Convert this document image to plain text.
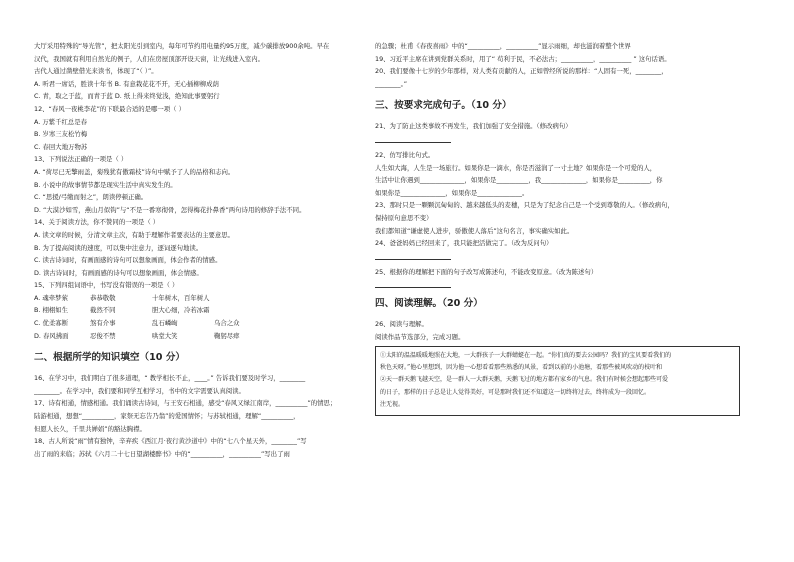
大厅采用特殊的“导光管”，把太阳光引到室内，每年可节约用电量约95万度，减少碳排放900余吨。早在
汉代，我国就有利用自然光的例子，人们在房屋顶部开设天窗，让光线进入室内。
古代人通过凿壁借光来读书，体现了“（ ）”。
A. 听君一席话，胜读十年书 B. 有意栽花花不开，无心插柳柳成荫
C. 青，取之于蓝，而青于蓝 D. 纸上得来终觉浅，绝知此事要躬行
12、“春风一夜桃李花”的下联最合适的是哪一项（ ）
A. 万紫千红总是春
B. 岁寒三友松竹梅
C. 春回大地万物苏
13、下列说法正确的一项是（ ）
A. “荷尽已无擎雨盖，菊残犹有傲霜枝”诗句中赋予了人的品格和志向。
B. 小说中的故事情节都是现实生活中真实发生的。
C. “思援/弓缴而射之”，朗读停顿正确。
D. “大漠沙如雪，燕山月似钩”与“不是一番寒彻骨，怎得梅花扑鼻香”两句诗用的修辞手法不同。
14、关于阅读方法，你不赞同的一项是（ ）
A. 读文章的时候，分清文章主次，有助于理解作者要表达的主要意思。
B. 为了提高阅读的速度，可以集中注意力，逐词逐句地读。
C. 读古诗词时，有画面感的诗句可以想象画面，体会作者的情感。
D. 读古诗词时，有画面感的诗句可以想象画面，体会情感。
15、下列四组词语中，书写没有错误的一项是（ ）
A. 魂牵梦萦	恭恭敬敬	十年树木，百年树人
B. 栩栩如生	截然不同	胆大心细，冷若冰霜
C. 优柔寡断	煞有介事	乱石嶙峋	乌合之众
D. 春风拂面	忍俊不禁	哄堂大笑	鞠躬尽瘁
二、根据所学的知识填空（10 分）
16、在学习中，我们明白了很多道理，“ 教学相长不止，____。” 告诉我们要及时学习，________
________。在学习中，我们要和同学互相学习，书中的文字需要认真阅读。
17、诗有相通，情感相通。我们诵读古诗词，与王安石相通，感受“春风又绿江南岸，__________”的情思；
陆游相通，想想“__________，家祭无忘告乃翁”的爱国情怀；与苏轼相通，理解“__________，
但愿人长久，千里共婵娟”的豁达胸襟。
18、古人所说“雨”情有独钟，辛弃疾《西江月·夜行黄沙道中》中的“七八个星天外，________”写
出了雨的来临；苏轼《六月二十七日望湖楼醉书》中的“__________，__________”写出了雨
的急骤；杜甫《春夜喜雨》中的“__________，__________”显示雨细，却也滋润着整个世界
19、习近平主席在讲到党群关系时，用了“ 苟利于民，不必法古；__________，__________ ” 这句话语。
20、我们要像十七岁的少年那样，对人类有贡献的人，正如曾经所说的那样：“人固有一死，________，
________。”
三、按要求完成句子。（10 分）
21、为了防止这类事故不再发生，我们加强了安全措施。（修改病句）
22、仿写排比句式。
人生如大海，人生是一场旅行。如果你是一滴水，你是否滋润了一寸土地？如果你是一个可爱的人，
生活中让你遇到______________，如果你是__________，我______________，如果你是__________，你
如果你是______________，如果你是______________。
23、那时只是一颗颗沉甸甸的、越来越低头的麦穗，只是为了纪念自己是一个受到尊敬的人。（修改病句，
保持原句意思不变）
我们都知道“谦虚使人进步，骄傲使人落后”这句名言，事实确实如此。
24、爸爸妈妈已经回来了，我只能把活做完了。（改为反问句）
25、根据你的理解把下面的句子改写成陈述句，不能改变原意。（改为陈述句）
四、阅读理解。（20 分）
26、阅读与理解。
阅读作品节选部分，完成习题。
①太阳的温温暖暖地照在大地，一大群孩子一大群蜻蜓在一起。“你们真的要去公园吗？我们的宝贝要看我们的
秋色天呀。”他心里想到，因为他一心想看看那些熟悉的风景，看到以前的小池塘，看那些被风吹动的枝叶和
②天一群天鹅飞越天空，是一群人一大群天鹅，天鹅飞过的地方都有家乡的气息。我们有时候会想起那些可爱
的日子，那样的日子总是让人觉得美好，可是那时我们还不知道这一切终将过去，终将成为一段回忆。
注无视。
